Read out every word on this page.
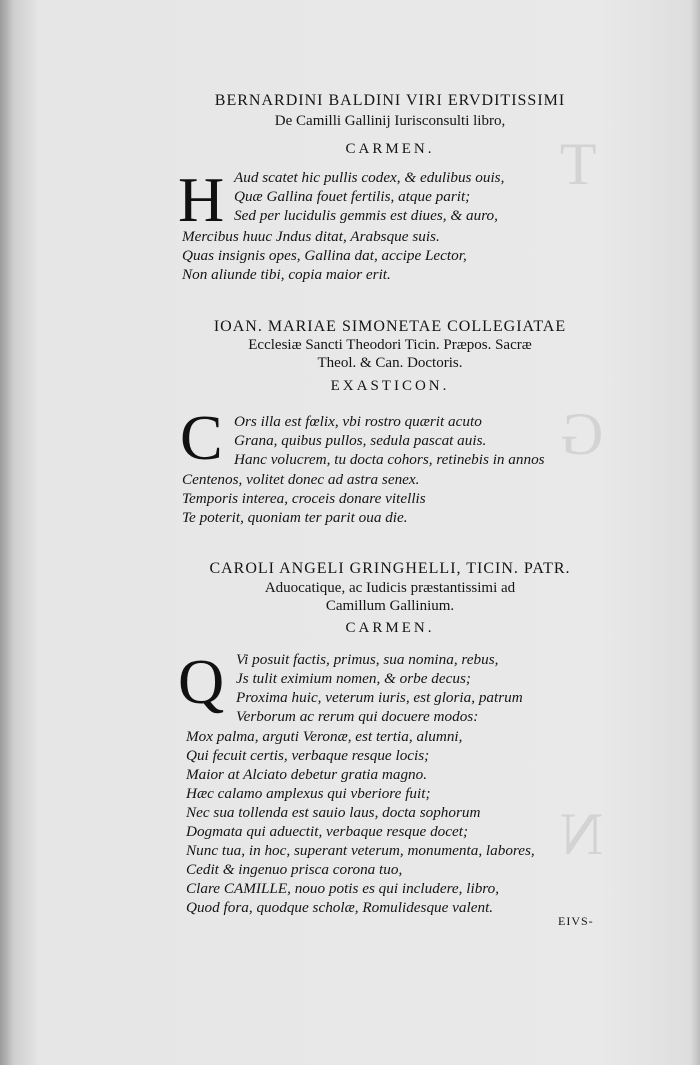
T
G
N
BERNARDINI BALDINI VIRI ERVDITISSIMI
De Camilli Gallinij Iurisconsulti libro,
CARMEN.
H Aud scatet hic pullis codex, & edulibus ouis,
Quæ Gallina fouet fertilis, atque parit;
Sed per lucidulis gemmis est diues, & auro,
Mercibus huuc Jndus ditat, Arabsque suis.
Quas insignis opes, Gallina dat, accipe Lector,
Non aliunde tibi, copia maior erit.
IOAN. MARIAE SIMONETAE COLLEGIATAE
Ecclesiæ Sancti Theodori Ticin. Præpos. Sacræ
Theol. & Can. Doctoris.
EXASTICON.
C Ors illa est fœlix, vbi rostro quærit acuto
Grana, quibus pullos, sedula pascat auis.
Hanc volucrem, tu docta cohors, retinebis in annos
Centenos, volitet donec ad astra senex.
Temporis interea, croceis donare vitellis
Te poterit, quoniam ter parit oua die.
CAROLI ANGELI GRINGHELLI, TICIN. PATR.
Aduocatique, ac Iudicis præstantissimi ad
Camillum Gallinium.
CARMEN.
Q Vi posuit factis, primus, sua nomina, rebus,
Js tulit eximium nomen, & orbe decus;
Proxima huic, veterum iuris, est gloria, patrum
Verborum ac rerum qui docuere modos:
Mox palma, arguti Veronæ, est tertia, alumni,
Qui fecuit certis, verbaque resque locis;
Maior at Alciato debetur gratia magno.
Hæc calamo amplexus qui vberiore fuit;
Nec sua tollenda est sauio laus, docta sophorum
Dogmata qui aduectit, verbaque resque docet;
Nunc tua, in hoc, superant veterum, monumenta, labores,
Cedit & ingenuo prisca corona tuo,
Clare CAMILLE, nouo potis es qui includere, libro,
Quod fora, quodque scholæ, Romulidesque valent.
EIVS-
